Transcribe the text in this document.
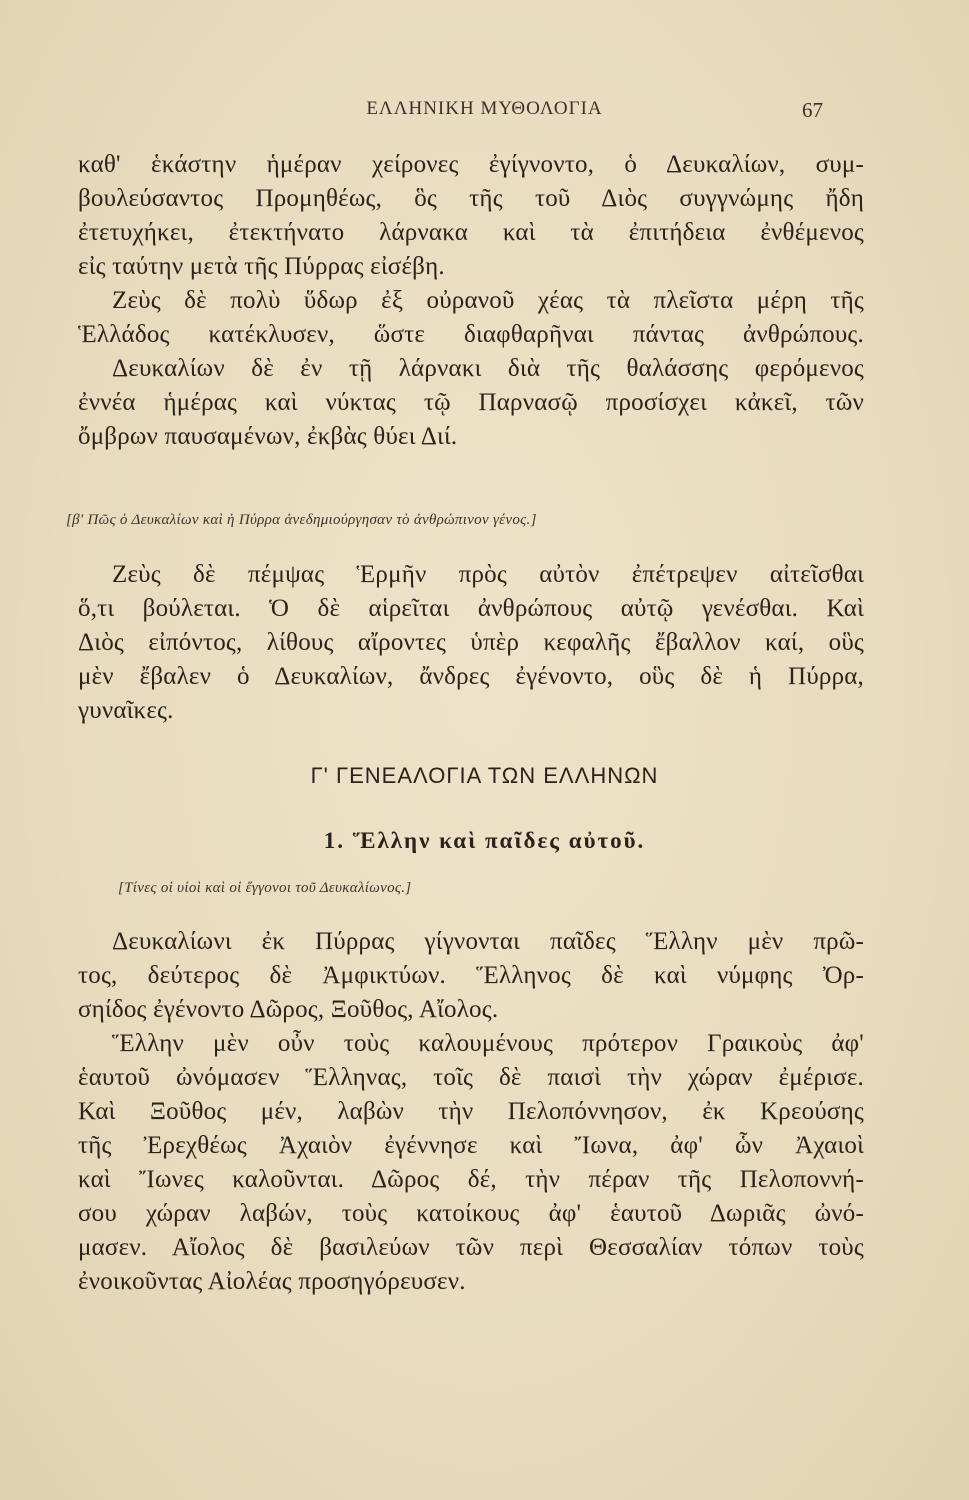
ΕΛΛΗΝΙΚΗ ΜΥΘΟΛΟΓΙΑ	67
καθ' ἑκάστην ἡμέραν χείρονες ἐγίγνοντο, ὁ Δευκαλίων, συμ-
βουλεύσαντος Προμηθέως, ὃς τῆς τοῦ Διὸς συγγνώμης ἤδη
ἐτετυχήκει, ἐτεκτήνατο λάρνακα καὶ τὰ ἐπιτήδεια ἐνθέμενος
εἰς ταύτην μετὰ τῆς Πύρρας εἰσέβη.
Ζεὺς δὲ πολὺ ὕδωρ ἐξ οὐρανοῦ χέας τὰ πλεῖστα μέρη τῆς
Ἑλλάδος κατέκλυσεν, ὥστε διαφθαρῆναι πάντας ἀνθρώπους.
Δευκαλίων δὲ ἐν τῇ λάρνακι διὰ τῆς θαλάσσης φερόμενος
ἐννέα ἡμέρας καὶ νύκτας τῷ Παρνασῷ προσίσχει κἀκεῖ, τῶν
ὄμβρων παυσαμένων, ἐκβὰς θύει Διί.
[β' Πῶς ὁ Δευκαλίων καὶ ἡ Πύρρα ἀνεδημιούργησαν τὸ ἀνθρώπινον γένος.]
Ζεὺς δὲ πέμψας Ἑρμῆν πρὸς αὐτὸν ἐπέτρεψεν αἰτεῖσθαι
ὅ,τι βούλεται. Ὁ δὲ αἱρεῖται ἀνθρώπους αὐτῷ γενέσθαι. Καὶ
Διὸς εἰπόντος, λίθους αἴροντες ὑπὲρ κεφαλῆς ἔβαλλον καί, οὓς
μὲν ἔβαλεν ὁ Δευκαλίων, ἄνδρες ἐγένοντο, οὓς δὲ ἡ Πύρρα,
γυναῖκες.
Γ' ΓΕΝΕΑΛΟΓΙΑ ΤΩΝ ΕΛΛΗΝΩΝ
1. Ἕλλην καὶ παῖδες αὐτοῦ.
[Τίνες οἱ υἱοὶ καὶ οἱ ἔγγονοι τοῦ Δευκαλίωνος.]
Δευκαλίωνι ἐκ Πύρρας γίγνονται παῖδες Ἕλλην μὲν πρῶ-
τος, δεύτερος δὲ Ἀμφικτύων. Ἕλληνος δὲ καὶ νύμφης Ὀρ-
σηίδος ἐγένοντο Δῶρος, Ξοῦθος, Αἴολος.
Ἕλλην μὲν οὖν τοὺς καλουμένους πρότερον Γραικοὺς ἀφ'
ἑαυτοῦ ὠνόμασεν Ἕλληνας, τοῖς δὲ παισὶ τὴν χώραν ἐμέρισε.
Καὶ Ξοῦθος μέν, λαβὼν τὴν Πελοπόννησον, ἐκ Κρεούσης
τῆς Ἐρεχθέως Ἀχαιὸν ἐγέννησε καὶ Ἴωνα, ἀφ' ὧν Ἀχαιοὶ
καὶ Ἴωνες καλοῦνται. Δῶρος δέ, τὴν πέραν τῆς Πελοποννή-
σου χώραν λαβών, τοὺς κατοίκους ἀφ' ἑαυτοῦ Δωριᾶς ὠνό-
μασεν. Αἴολος δὲ βασιλεύων τῶν περὶ Θεσσαλίαν τόπων τοὺς
ἐνοικοῦντας Αἰολέας προσηγόρευσεν.
